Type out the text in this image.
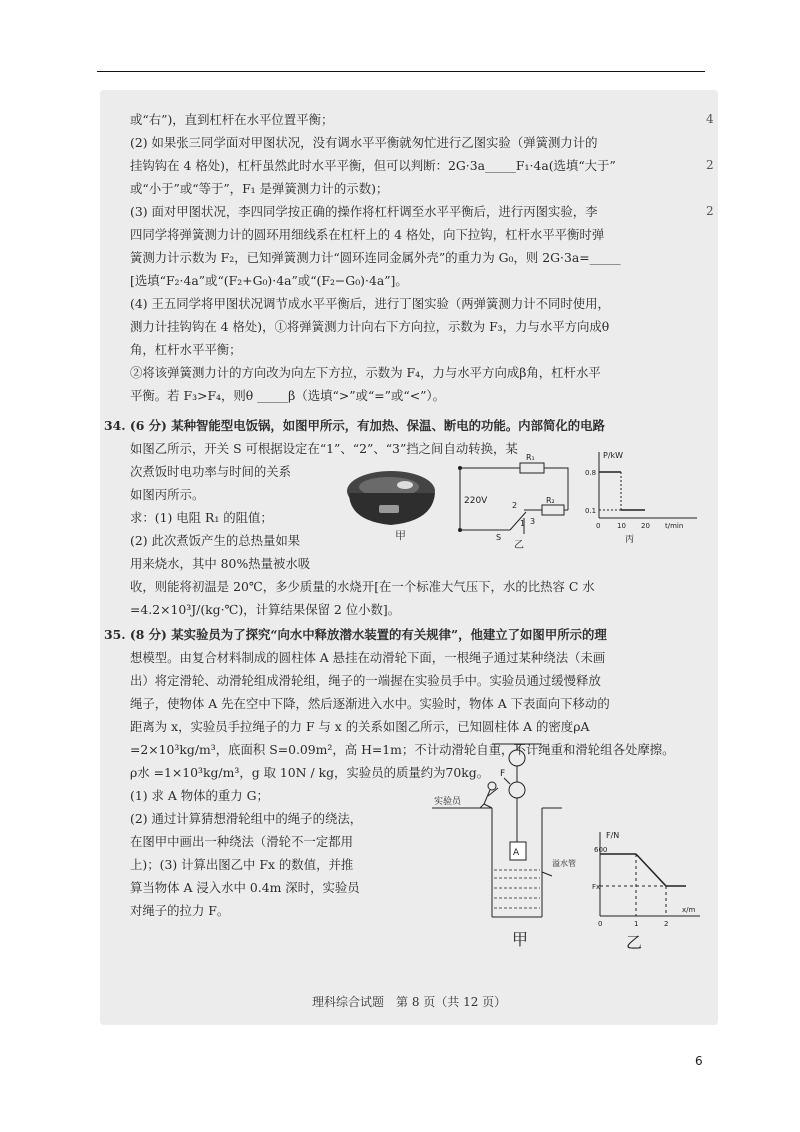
或“右”)，直到杠杆在水平位置平衡；
(2) 如果张三同学面对甲图状况，没有调水平平衡就匆忙进行乙图实验（弹簧测力计的
挂钩钩在 4 格处)，杠杆虽然此时水平平衡，但可以判断：2G·3a_____F₁·4a(选填“大于”
或“小于”或“等于”，F₁ 是弹簧测力计的示数)；
(3) 面对甲图状况，李四同学按正确的操作将杠杆调至水平平衡后，进行丙图实验，李
四同学将弹簧测力计的圆环用细线系在杠杆上的 4 格处，向下拉钩，杠杆水平平衡时弹
簧测力计示数为 F₂，已知弹簧测力计“圆环连同金属外壳”的重力为 G₀，则 2G·3a=_____
[选填“F₂·4a”或“(F₂+G₀)·4a”或“(F₂−G₀)·4a”]。
(4) 王五同学将甲图状况调节成水平平衡后，进行丁图实验（两弹簧测力计不同时使用，
测力计挂钩钩在 4 格处)，①将弹簧测力计向右下方向拉，示数为 F₃，力与水平方向成θ
角，杠杆水平平衡；
②将该弹簧测力计的方向改为向左下方拉，示数为 F₄，力与水平方向成β角，杠杆水平
平衡。若 F₃>F₄，则θ _____β（选填“>”或“=”或“<”）。
34. (6 分) 某种智能型电饭锅，如图甲所示，有加热、保温、断电的功能。内部简化的电路
如图乙所示，开关 S 可根据设定在“1”、“2”、“3”挡之间自动转换，某
次煮饭时电功率与时间的关系
如图丙所示。
求：(1) 电阻 R₁ 的阻值；
(2) 此次煮饭产生的总热量如果
用来烧水，其中 80%热量被水吸
收，则能将初温是 20℃，多少质量的水烧开[在一个标准大气压下，水的比热容 C 水
=4.2×10³J/(kg·℃)，计算结果保留 2 位小数]。
35. (8 分) 某实验员为了探究“向水中释放潜水装置的有关规律”，他建立了如图甲所示的理
想模型。由复合材料制成的圆柱体 A 悬挂在动滑轮下面，一根绳子通过某种绕法（未画
出）将定滑轮、动滑轮组成滑轮组，绳子的一端握在实验员手中。实验员通过缓慢释放
绳子，使物体 A 先在空中下降，然后逐渐进入水中。实验时，物体 A 下表面向下移动的
距离为 x，实验员手拉绳子的力 F 与 x 的关系如图乙所示，已知圆柱体 A 的密度ρA
=2×10³kg/m³，底面积 S=0.09m²，高 H=1m；不计动滑轮自重，不计绳重和滑轮组各处摩擦。
ρ水 =1×10³kg/m³，g 取 10N / kg，实验员的质量约为70kg。
(1) 求 A 物体的重力 G；
(2) 通过计算猜想滑轮组中的绳子的绕法，
在图甲中画出一种绕法（滑轮不一定都用
上)；(3) 计算出图乙中 Fx 的数值，并推
算当物体 A 浸入水中 0.4m 深时，实验员
对绳子的拉力 F。
4
2
2
甲
220V
R₁
R₂
S
2
1 3
乙
P/kW
0.8
0.1
0 10 20 t/min
丙
F
实验员
A
溢水管
甲
F/N
600
Fx
0	1	2
x/m
乙
理科综合试题　第 8 页（共 12 页）
6
